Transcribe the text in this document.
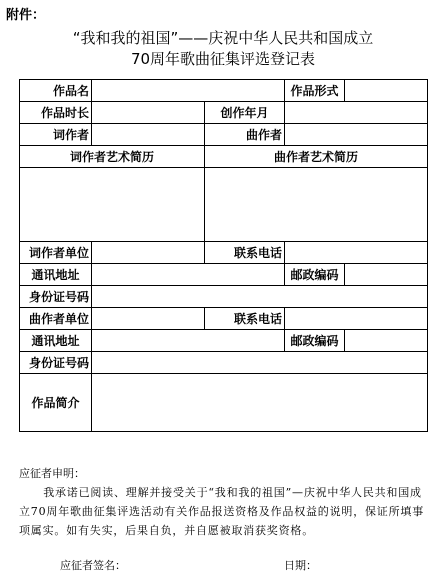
附件：
“我和我的祖国”——庆祝中华人民共和国成立
70周年歌曲征集评选登记表
作品名			作品形式	
作品时长		创作年月		
词作者		曲作者		
词作者艺术简历		曲作者艺术简历		

词作者单位		联系电话		
通讯地址			邮政编码	
身份证号码				
曲作者单位		联系电话		
通讯地址			邮政编码	
身份证号码				
作品简介				

应征者申明：

我承诺已阅读、理解并接受关于“我和我的祖国”—庆祝中华人民共和国成立70周年歌曲征集评选活动有关作品报送资格及作品权益的说明，保证所填事项属实。如有失实，后果自负，并自愿被取消获奖资格。

应征者签名：	日期：
